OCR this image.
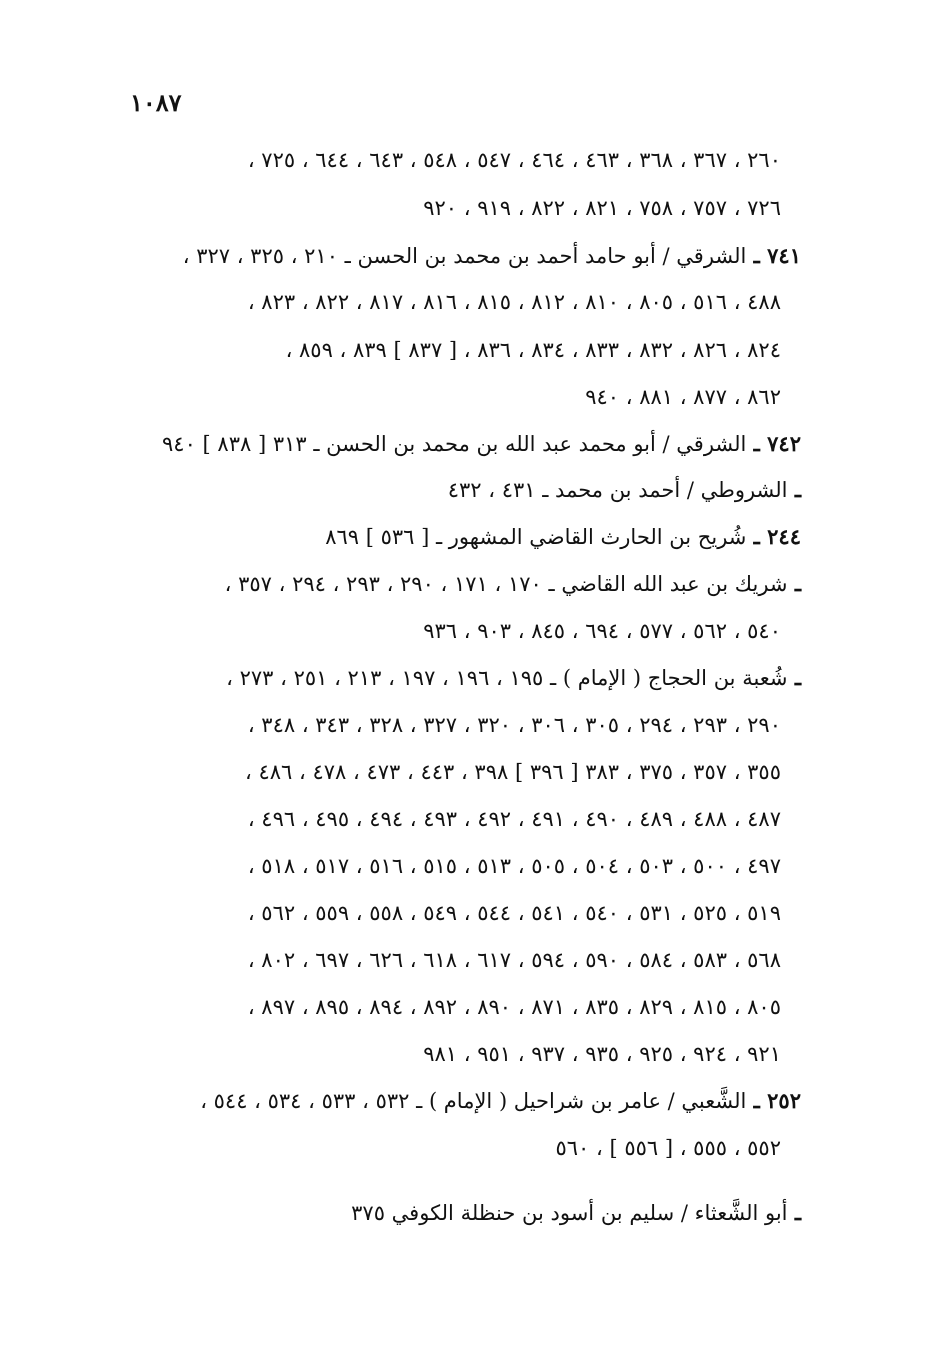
١٠٨٧
٢٦٠ ، ٣٦٧ ، ٣٦٨ ، ٤٦٣ ، ٤٦٤ ، ٥٤٧ ، ٥٤٨ ، ٦٤٣ ، ٦٤٤ ، ٧٢٥ ،
٧٢٦ ، ٧٥٧ ، ٧٥٨ ، ٨٢١ ، ٨٢٢ ، ٩١٩ ، ٩٢٠
٧٤١ ـ الشرقي / أبو حامد أحمد بن محمد بن الحسن ـ ٢١٠ ، ٣٢٥ ، ٣٢٧ ،
٤٨٨ ، ٥١٦ ، ٨٠٥ ، ٨١٠ ، ٨١٢ ، ٨١٥ ، ٨١٦ ، ٨١٧ ، ٨٢٢ ، ٨٢٣ ،
٨٢٤ ، ٨٢٦ ، ٨٣٢ ، ٨٣٣ ، ٨٣٤ ، ٨٣٦ ، [ ٨٣٧ ] ٨٣٩ ، ٨٥٩ ،
٨٦٢ ، ٨٧٧ ، ٨٨١ ، ٩٤٠
٧٤٢ ـ الشرقي / أبو محمد عبد الله بن محمد بن الحسن ـ ٣١٣ [ ٨٣٨ ] ٩٤٠
ـ الشروطي / أحمد بن محمد ـ ٤٣١ ، ٤٣٢
٢٤٤ ـ شُريح بن الحارث القاضي المشهور ـ [ ٥٣٦ ] ٨٦٩
ـ شريك بن عبد الله القاضي ـ ١٧٠ ، ١٧١ ، ٢٩٠ ، ٢٩٣ ، ٢٩٤ ، ٣٥٧ ،
٥٤٠ ، ٥٦٢ ، ٥٧٧ ، ٦٩٤ ، ٨٤٥ ، ٩٠٣ ، ٩٣٦
ـ شُعبة بن الحجاج ( الإمام ) ـ ١٩٥ ، ١٩٦ ، ١٩٧ ، ٢١٣ ، ٢٥١ ، ٢٧٣ ،
٢٩٠ ، ٢٩٣ ، ٢٩٤ ، ٣٠٥ ، ٣٠٦ ، ٣٢٠ ، ٣٢٧ ، ٣٢٨ ، ٣٤٣ ، ٣٤٨ ،
٣٥٥ ، ٣٥٧ ، ٣٧٥ ، ٣٨٣ [ ٣٩٦ ] ٣٩٨ ، ٤٤٣ ، ٤٧٣ ، ٤٧٨ ، ٤٨٦ ،
٤٨٧ ، ٤٨٨ ، ٤٨٩ ، ٤٩٠ ، ٤٩١ ، ٤٩٢ ، ٤٩٣ ، ٤٩٤ ، ٤٩٥ ، ٤٩٦ ،
٤٩٧ ، ٥٠٠ ، ٥٠٣ ، ٥٠٤ ، ٥٠٥ ، ٥١٣ ، ٥١٥ ، ٥١٦ ، ٥١٧ ، ٥١٨ ،
٥١٩ ، ٥٢٥ ، ٥٣١ ، ٥٤٠ ، ٥٤١ ، ٥٤٤ ، ٥٤٩ ، ٥٥٨ ، ٥٥٩ ، ٥٦٢ ،
٥٦٨ ، ٥٨٣ ، ٥٨٤ ، ٥٩٠ ، ٥٩٤ ، ٦١٧ ، ٦١٨ ، ٦٢٦ ، ٦٩٧ ، ٨٠٢ ،
٨٠٥ ، ٨١٥ ، ٨٢٩ ، ٨٣٥ ، ٨٧١ ، ٨٩٠ ، ٨٩٢ ، ٨٩٤ ، ٨٩٥ ، ٨٩٧ ،
٩٢١ ، ٩٢٤ ، ٩٢٥ ، ٩٣٥ ، ٩٣٧ ، ٩٥١ ، ٩٨١
٢٥٢ ـ الشَّعبي / عامر بن شراحيل ( الإمام ) ـ ٥٣٢ ، ٥٣٣ ، ٥٣٤ ، ٥٤٤ ،
٥٥٢ ، ٥٥٥ ، [ ٥٥٦ ] ، ٥٦٠
ـ أبو الشَّعثاء / سليم بن أسود بن حنظلة الكوفي ٣٧٥
